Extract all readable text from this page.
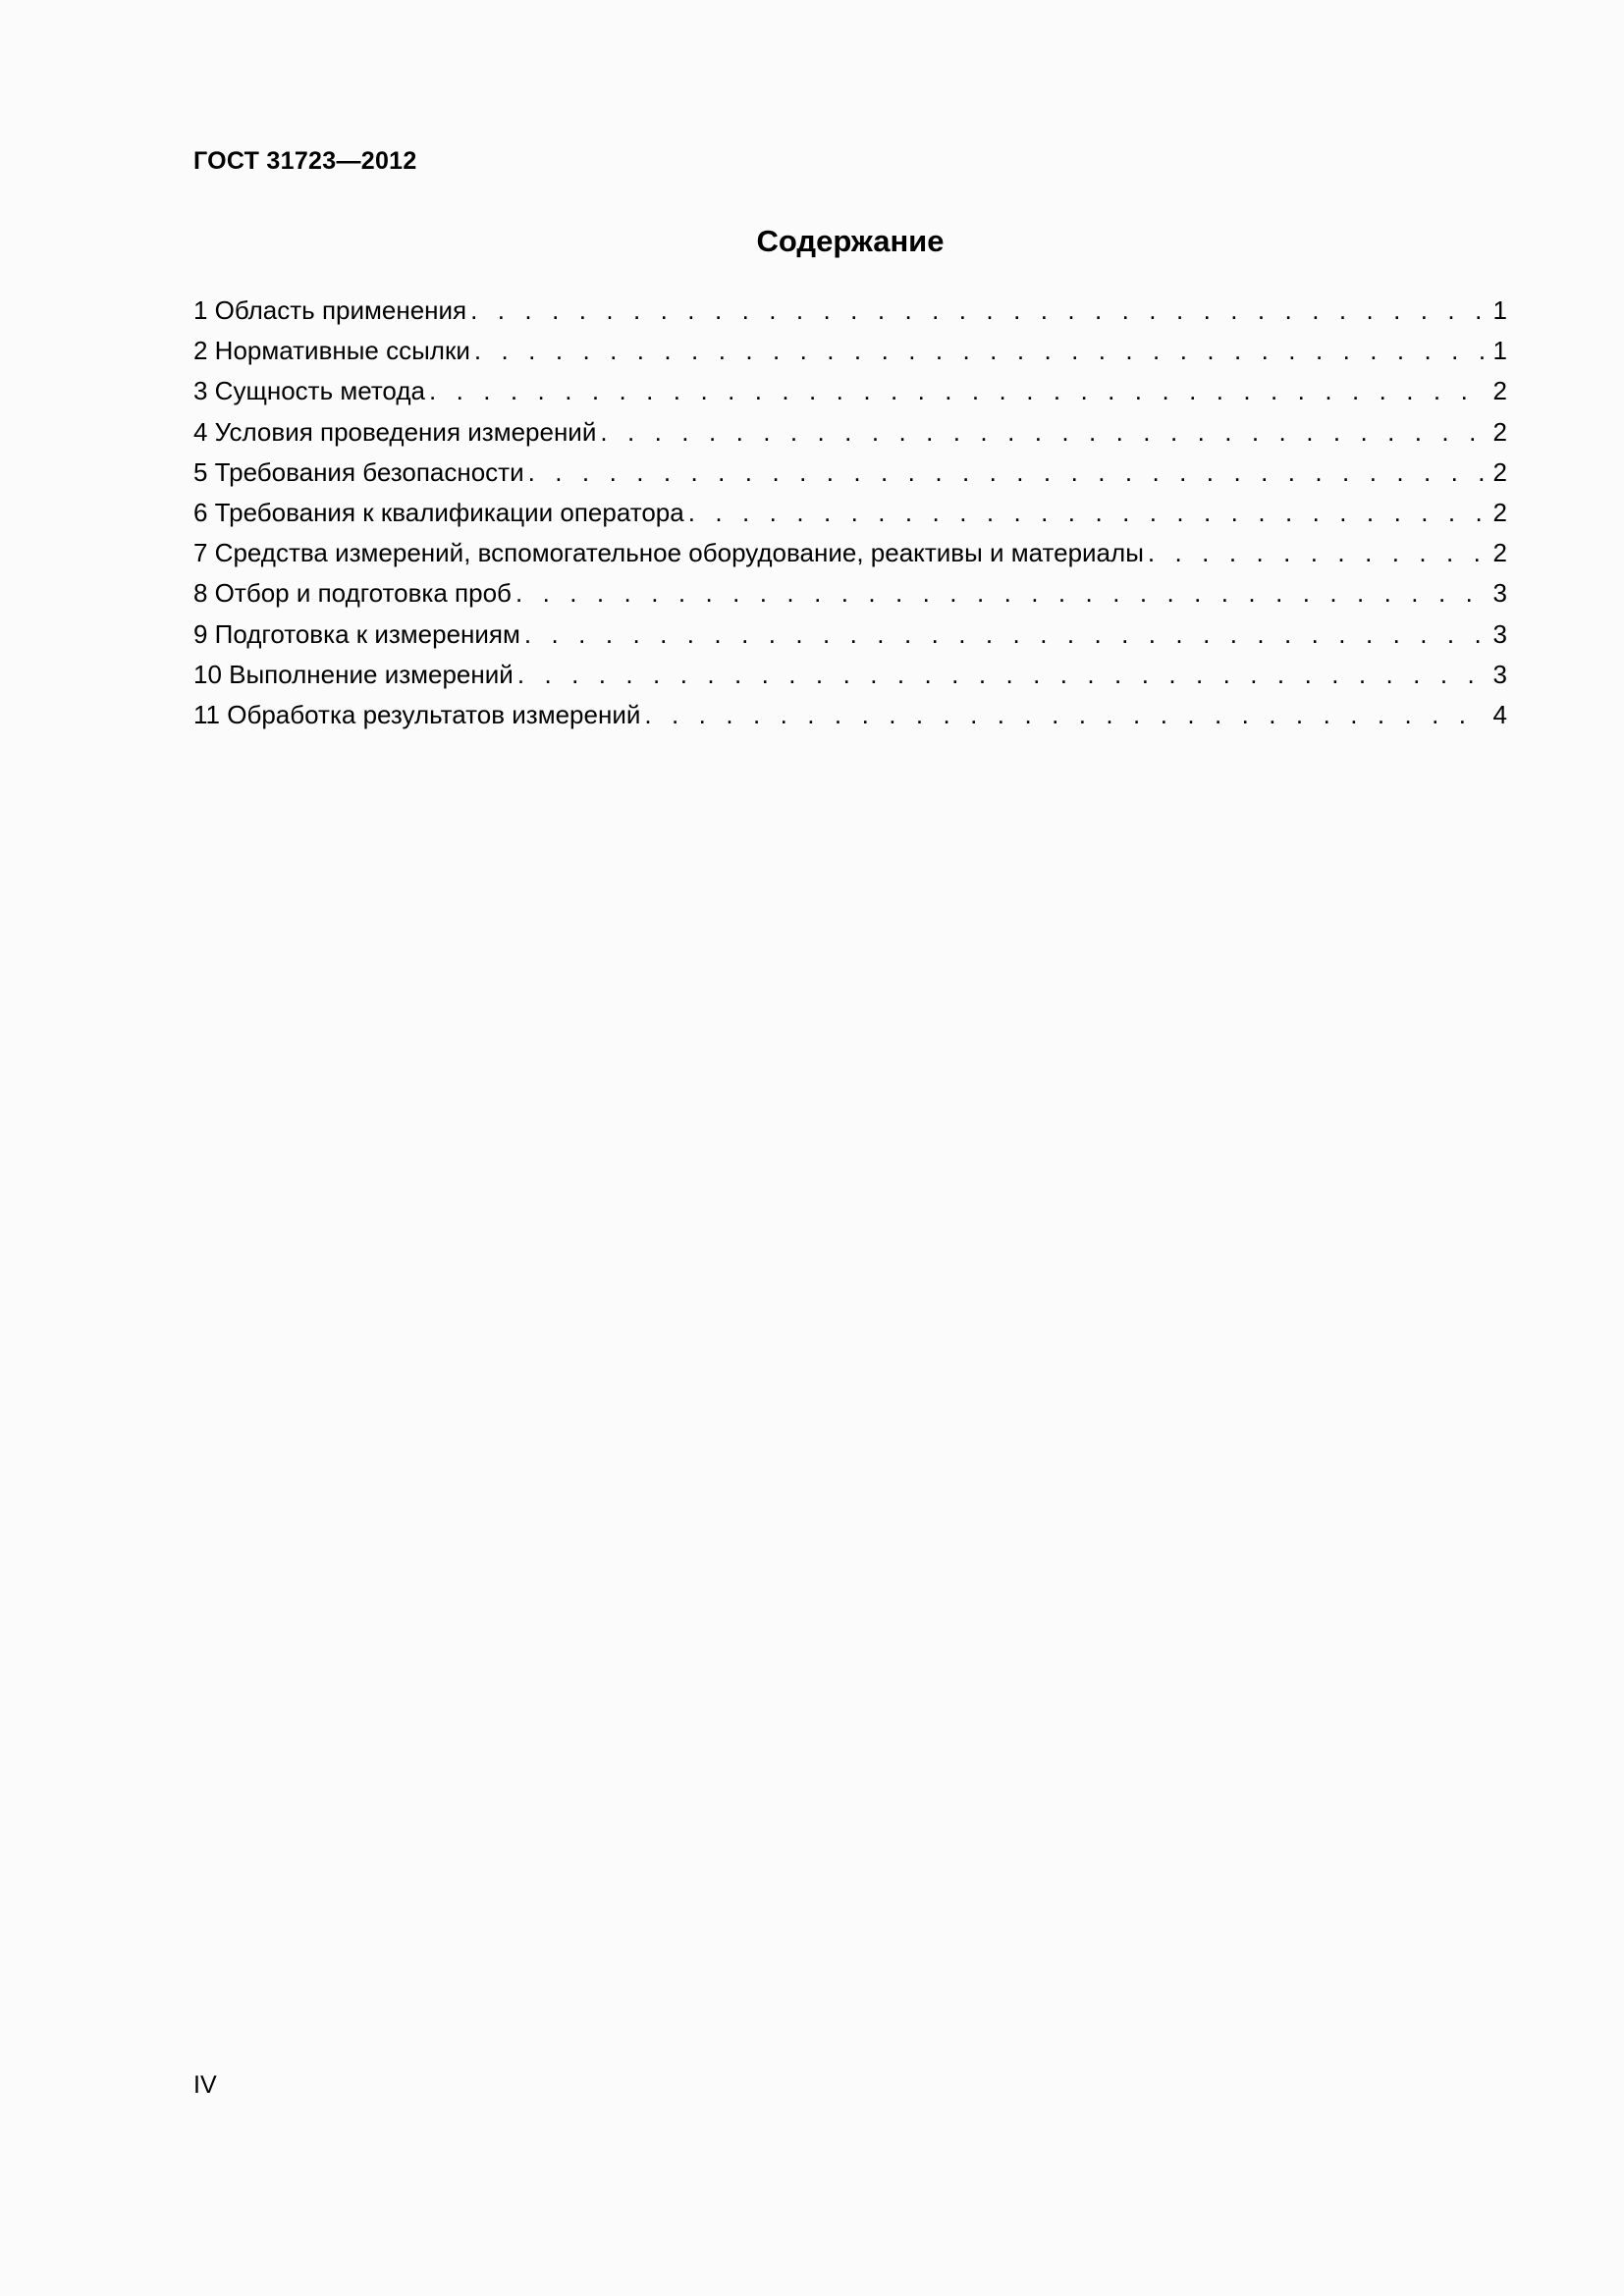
ГОСТ 31723—2012
Содержание
1 Область применения . . .	1
2 Нормативные ссылки . . .	1
3 Сущность метода . . .	2
4 Условия проведения измерений . . .	2
5 Требования безопасности . . .	2
6 Требования к квалификации оператора . . .	2
7 Средства измерений, вспомогательное оборудование, реактивы и материалы . . .	2
8 Отбор и подготовка проб . . .	3
9 Подготовка к измерениям . . .	3
10 Выполнение измерений . . .	3
11 Обработка результатов измерений . . .	4
IV
